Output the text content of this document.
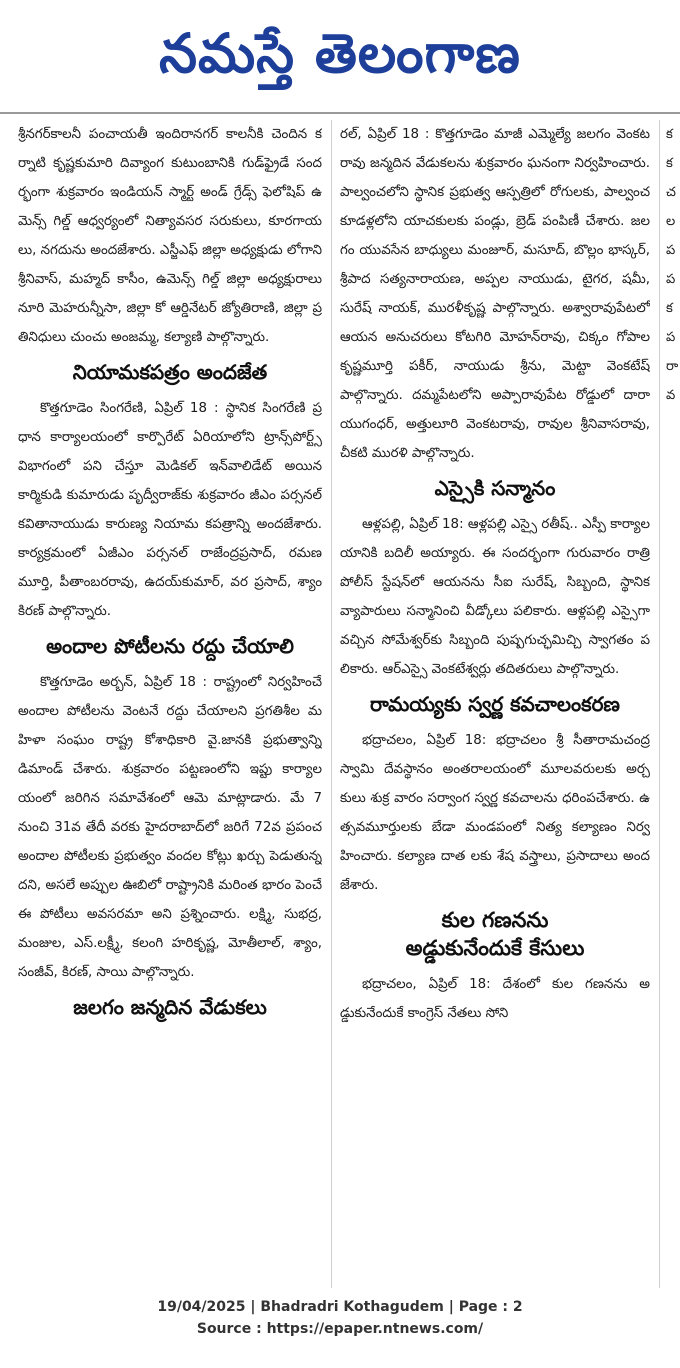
నమస్తే తెలంగాణ

శ్రీనగర్‌కాలనీ పంచాయతీ ఇందిరానగర్ కాలనీకి చెందిన కర్నాటి కృష్ణకుమారి దివ్యాంగ కుటుంబానికి గుడ్‌ఫ్రైడే సందర్భంగా శుక్రవారం ఇండియన్ స్మార్ట్ అండ్ గ్రేడ్స్ ఫెలోషిప్ ఉమెన్స్ గిల్డ్ ఆధ్వర్యంలో నిత్యావసర సరుకులు, కూరగాయలు, నగదును అందజేశారు. ఎస్జీఎఫ్ జిల్లా అధ్యక్షుడు లోగాని శ్రీనివాస్, మహ్మద్ కాసీం, ఉమెన్స్ గిల్డ్ జిల్లా అధ్యక్షురాలు నూరి మెహరున్నీసా, జిల్లా కో ఆర్డినేటర్ జ్యోతిరాణి, జిల్లా ప్రతినిధులు చుంచు అంజమ్మ, కల్యాణి పాల్గొన్నారు.

నియామకపత్రం అందజేత

కొత్తగూడెం సింగరేణి, ఏప్రిల్ 18 : స్థానిక సింగరేణి ప్రధాన కార్యాలయంలో కార్పొరేట్ ఏరియాలోని ట్రాన్స్‌పోర్ట్స్ విభాగంలో పని చేస్తూ మెడికల్ ఇన్‌వాలిడేట్ అయిన కార్మికుడి కుమారుడు పృద్వీరాజ్‌కు శుక్రవారం జీఎం పర్సనల్ కవితానాయుడు కారుణ్య నియామ కపత్రాన్ని అందజేశారు. కార్యక్రమంలో ఏజీఎం పర్సనల్ రాజేంద్రప్రసాద్, రమణ మూర్తి, పీతాంబరరావు, ఉదయ్‌కుమార్, వర ప్రసాద్, శ్యాం కిరణ్ పాల్గొన్నారు.

అందాల పోటీలను రద్దు చేయాలి

కొత్తగూడెం అర్బన్, ఏప్రిల్ 18 : రాష్ట్రంలో నిర్వహించే అందాల పోటీలను వెంటనే రద్దు చేయాలని ప్రగతిశీల మహిళా సంఘం రాష్ట్ర కోశాధికారి వై.జానకి ప్రభుత్వాన్ని డిమాండ్ చేశారు. శుక్రవారం పట్టణంలోని ఇప్టు కార్యాలయంలో జరిగిన సమావేశంలో ఆమె మాట్లాడారు. మే 7 నుంచి 31వ తేదీ వరకు హైదరాబాద్‌లో జరిగే 72వ ప్రపంచ అందాల పోటీలకు ప్రభుత్వం వందల కోట్లు ఖర్చు పెడుతున్నదని, అసలే అప్పుల ఊబిలో రాష్ట్రానికి మరింత భారం పెంచే ఈ పోటీలు అవసరమా అని ప్రశ్నించారు. లక్ష్మి, సుభద్ర, మంజుల, ఎస్.లక్ష్మీ, కలంగి హరికృష్ణ, మోతీలాల్, శ్యాం, సంజీవ్, కిరణ్, సాయి పాల్గొన్నారు.

జలగం జన్మదిన వేడుకలు

రల్, ఏప్రిల్ 18 : కొత్తగూడెం మాజీ ఎమ్మెల్యే జలగం వెంకటరావు జన్మదిన వేడుకలను శుక్రవారం ఘనంగా నిర్వహించారు. పాల్వంచలోని స్థానిక ప్రభుత్వ ఆస్పత్రిలో రోగులకు, పాల్వంచ కూడళ్లలోని యాచకులకు పండ్లు, బ్రెడ్ పంపిణీ చేశారు. జలగం యువసేన బాధ్యులు మంజూర్, మసూద్, బొల్లం భాస్కర్, శ్రీపాద సత్యనారాయణ, అప్పల నాయుడు, టైగర, షమీ, సురేష్ నాయక్, మురళీకృష్ణ పాల్గొన్నారు. అశ్వారావుపేటలో ఆయన అనుచరులు కోటగిరి మోహన్‌రావు, చిక్కం గోపాలకృష్ణమూర్తి పకీర్, నాయుడు శ్రీను, మెట్టా వెంకటేష్ పాల్గొన్నారు. దమ్మపేటలోని అప్పారావుపేట రోడ్డులో దారా యుగంధర్, అత్తులూరి వెంకటరావు, రావుల శ్రీనివాసరావు, చీకటి మురళి పాల్గొన్నారు.

ఎస్సైకి సన్మానం

ఆళ్లపల్లి, ఏప్రిల్ 18: ఆళ్లపల్లి ఎస్సై రతీష్.. ఎస్పీ కార్యాలయానికి బదిలీ అయ్యారు. ఈ సందర్భంగా గురువారం రాత్రి పోలీస్ స్టేషన్‌లో ఆయనను సీఐ సురేష్, సిబ్బంది, స్థానిక వ్యాపారులు సన్మానించి వీడ్కోలు పలికారు. ఆళ్లపల్లి ఎస్సైగా వచ్చిన సోమేశ్వర్‌కు సిబ్బంది పుష్పగుచ్ఛమిచ్చి స్వాగతం పలికారు. ఆర్ఎస్సై వెంకటేశ్వర్లు తదితరులు పాల్గొన్నారు.

రామయ్యకు స్వర్ణ కవచాలంకరణ

భద్రాచలం, ఏప్రిల్ 18: భద్రాచలం శ్రీ సీతారామచంద్రస్వామి దేవస్థానం అంతరాలయంలో మూలవరులకు అర్చకులు శుక్ర వారం సర్వాంగ స్వర్ణ కవచాలను ధరింపచేశారు. ఉత్సవమూర్తులకు బేడా మండపంలో నిత్య కల్యాణం నిర్వహించారు. కల్యాణ దాత లకు శేష వస్త్రాలు, ప్రసాదాలు అందజేశారు.

కుల గణనను
అడ్డుకునేందుకే కేసులు

భద్రాచలం, ఏప్రిల్ 18: దేశంలో కుల గణనను అడ్డుకునేందుకే కాంగ్రెస్ నేతలు సోని

క
క
చ
ల
ప
ప
క
ప
రా
వ
19/04/2025 | Bhadradri Kothagudem | Page : 2
Source : https://epaper.ntnews.com/
